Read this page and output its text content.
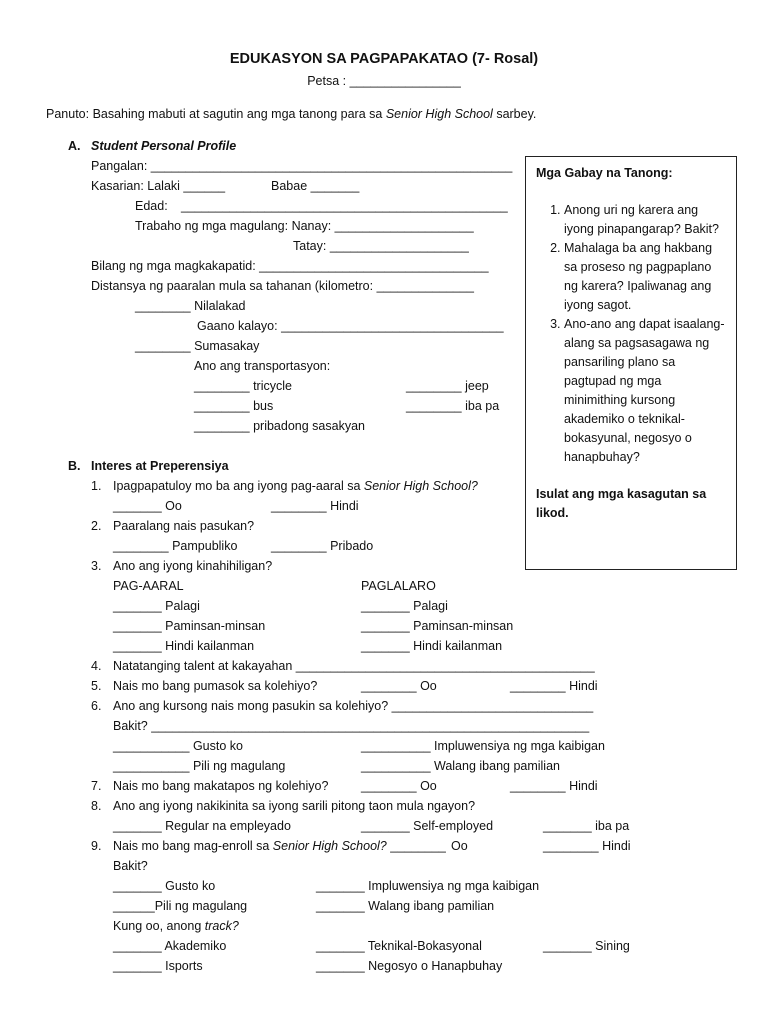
EDUKASYON SA PAGPAPAKATAO (7- Rosal)
Petsa : ________________
Panuto: Basahing mabuti at sagutin ang mga tanong para sa Senior High School sarbey.
A. Student Personal Profile
Pangalan: ____________________________________________________
Kasarian: Lalaki ______	Babae _______
Edad: _______________________________________________
Trabaho ng mga magulang: Nanay: ____________________
Tatay: ____________________
Bilang ng mga magkakapatid: _________________________________
Distansya ng paaralan mula sa tahanan (kilometro: ______________
________ Nilalakad
Gaano kalayo: ________________________________
________ Sumasakay
Ano ang transportasyon:
________ tricycle	________ jeep
________ bus	________ iba pa
________ pribadong sasakyan
B. Interes at Preperensiya
1. Ipagpapatuloy mo ba ang iyong pag-aaral sa Senior High School?
_______ Oo	________ Hindi
2. Paaralang nais pasukan?
________ Pampubliko	________ Pribado
3. Ano ang iyong kinahihiligan?
PAG-AARAL	PAGLALARO
_______ Palagi	_______ Palagi
_______ Paminsan-minsan	_______ Paminsan-minsan
_______ Hindi kailanman	_______ Hindi kailanman
4. Natatanging talent at kakayahan ___________________________________________
5. Nais mo bang pumasok sa kolehiyo?	________ Oo	________ Hindi
6. Ano ang kursong nais mong pasukin sa kolehiyo? _____________________________
Bakit? _______________________________________________________________
___________ Gusto ko	__________ Impluwensiya ng mga kaibigan
___________ Pili ng magulang	__________ Walang ibang pamilian
7. Nais mo bang makatapos ng kolehiyo?	________ Oo	________ Hindi
8. Ano ang iyong nakikinita sa iyong sarili pitong taon mula ngayon?
_______ Regular na empleyado	_______ Self-employed	_______ iba pa
9. Nais mo bang mag-enroll sa Senior High School? ________ Oo	________ Hindi
Bakit?
_______ Gusto ko	_______ Impluwensiya ng mga kaibigan
______Pili ng magulang	_______ Walang ibang pamilian
Kung oo, anong track?
_______ Akademiko	_______ Teknikal-Bokasyonal	_______ Sining
_______ Isports	_______ Negosyo o Hanapbuhay
Mga Gabay na Tanong:
1. Anong uri ng karera ang iyong pinapangarap? Bakit?
2. Mahalaga ba ang hakbang sa proseso ng pagpaplano ng karera? Ipaliwanag ang iyong sagot.
3. Ano-ano ang dapat isaalang-alang sa pagsasagawa ng pansariling plano sa pagtupad ng mga minimithing kursong akademiko o teknikal-bokasyunal, negosyo o hanapbuhay?
Isulat ang mga kasagutan sa likod.
